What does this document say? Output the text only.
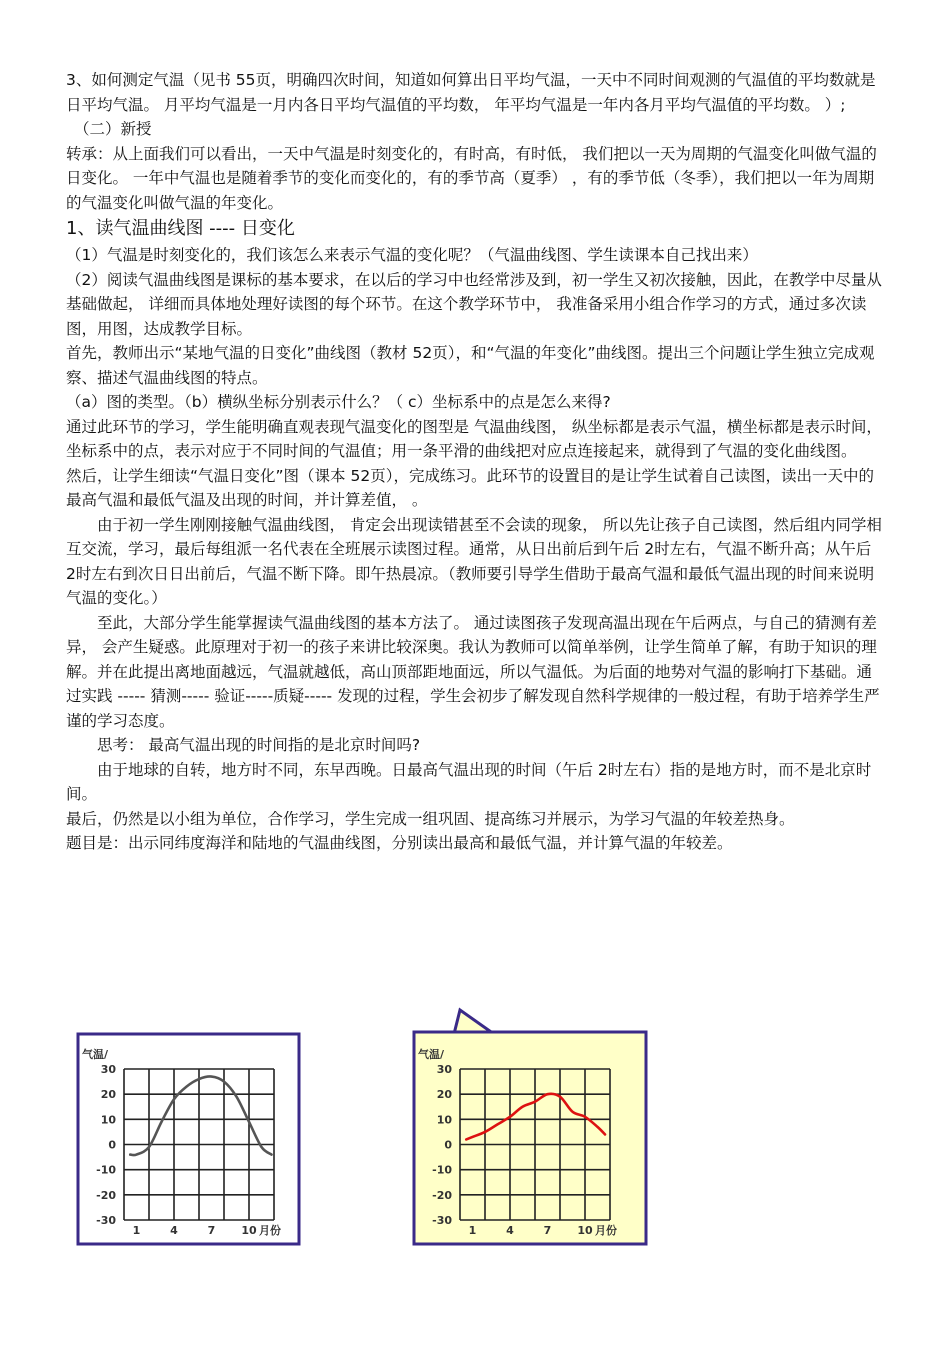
3、如何测定气温（见书 55页，明确四次时间，知道如何算出日平均气温，一天中不同时间观测的气温值的平均数就是日平均气温。 月平均气温是一月内各日平均气温值的平均数， 年平均气温是一年内各月平均气温值的平均数。 ）;

（二）新授

转承：从上面我们可以看出，一天中气温是时刻变化的，有时高，有时低， 我们把以一天为周期的气温变化叫做气温的日变化。 一年中气温也是随着季节的变化而变化的，有的季节高（夏季） ，有的季节低（冬季），我们把以一年为周期的气温变化叫做气温的年变化。

1、读气温曲线图 ---- 日变化

（1）气温是时刻变化的，我们该怎么来表示气温的变化呢？（气温曲线图、学生读课本自己找出来）

（2）阅读气温曲线图是课标的基本要求，在以后的学习中也经常涉及到，初一学生又初次接触，因此，在教学中尽量从基础做起， 详细而具体地处理好读图的每个环节。在这个教学环节中， 我准备采用小组合作学习的方式，通过多次读图，用图，达成教学目标。

首先，教师出示“某地气温的日变化”曲线图（教材 52页），和“气温的年变化”曲线图。提出三个问题让学生独立完成观察、描述气温曲线图的特点。

（a）图的类型。（b）横纵坐标分别表示什么？（ c）坐标系中的点是怎么来得?

通过此环节的学习，学生能明确直观表现气温变化的图型是 气温曲线图， 纵坐标都是表示气温，横坐标都是表示时间，坐标系中的点，表示对应于不同时间的气温值；用一条平滑的曲线把对应点连接起来，就得到了气温的变化曲线图。

然后，让学生细读“气温日变化”图（课本 52页），完成练习。此环节的设置目的是让学生试着自己读图，读出一天中的最高气温和最低气温及出现的时间，并计算差值， 。

由于初一学生刚刚接触气温曲线图， 肯定会出现读错甚至不会读的现象， 所以先让孩子自己读图，然后组内同学相互交流，学习，最后每组派一名代表在全班展示读图过程。通常，从日出前后到午后 2时左右，气温不断升高；从午后 2时左右到次日日出前后，气温不断下降。即午热晨凉。（教师要引导学生借助于最高气温和最低气温出现的时间来说明气温的变化。）

至此，大部分学生能掌握读气温曲线图的基本方法了。 通过读图孩子发现高温出现在午后两点，与自己的猜测有差异， 会产生疑惑。此原理对于初一的孩子来讲比较深奥。我认为教师可以简单举例，让学生简单了解，有助于知识的理解。并在此提出离地面越远，气温就越低，高山顶部距地面远，所以气温低。为后面的地势对气温的影响打下基础。通过实践 ----- 猜测----- 验证-----质疑----- 发现的过程，学生会初步了解发现自然科学规律的一般过程，有助于培养学生严谨的学习态度。

思考： 最高气温出现的时间指的是北京时间吗?

由于地球的自转，地方时不同，东早西晚。日最高气温出现的时间（午后 2时左右）指的是地方时，而不是北京时间。

最后，仍然是以小组为单位，合作学习，学生完成一组巩固、提高练习并展示，为学习气温的年较差热身。

题目是：出示同纬度海洋和陆地的气温曲线图，分别读出最高和最低气温，并计算气温的年较差。

气温/
30
20
10
0
-10
-20
-30
1	4	7 10 月份
气温/
30
20
10
0
-10
-20
-30
1	4	7 10 月份
